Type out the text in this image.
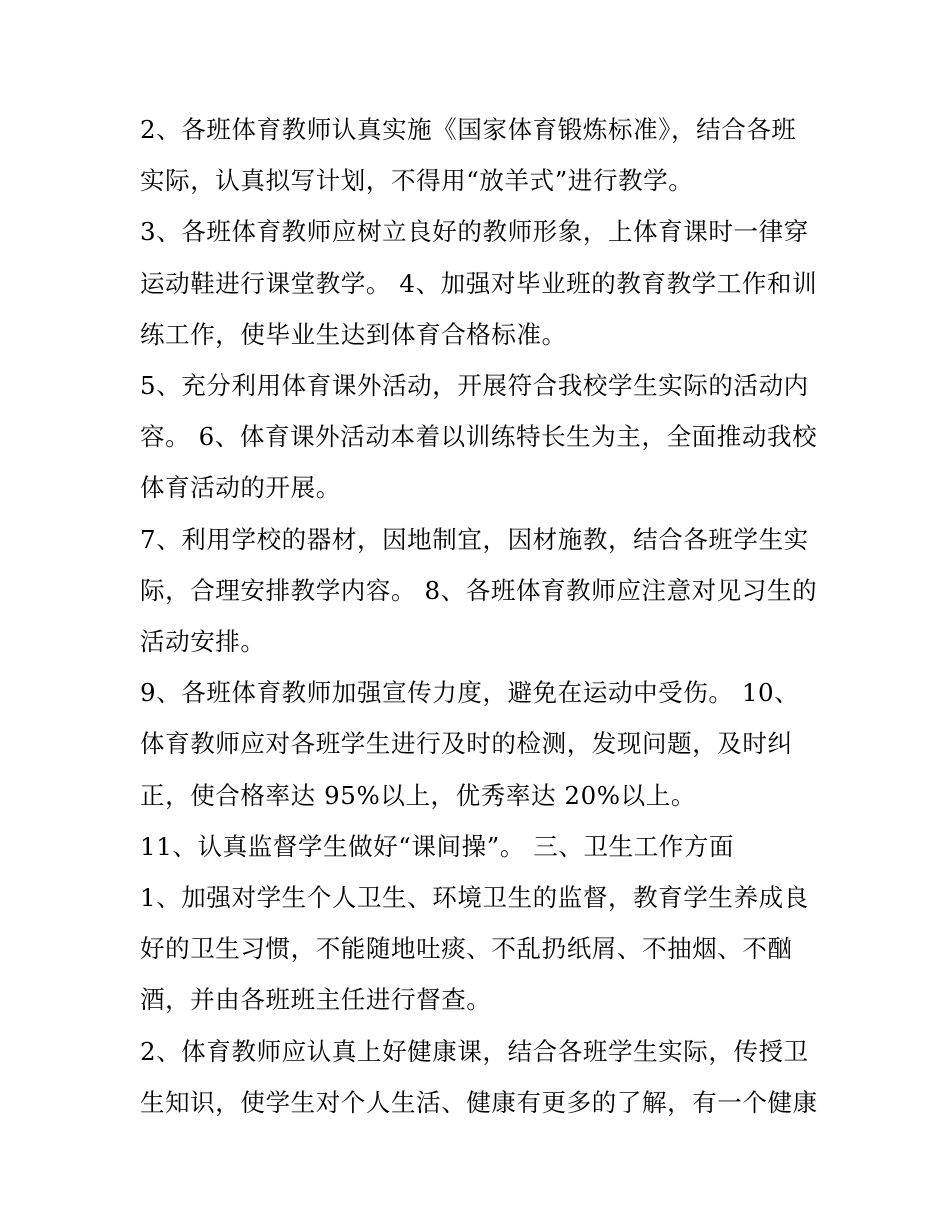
2、各班体育教师认真实施《国家体育锻炼标准》，结合各班实际，认真拟写计划，不得用“放羊式”进行教学。

3、各班体育教师应树立良好的教师形象，上体育课时一律穿运动鞋进行课堂教学。 4、加强对毕业班的教育教学工作和训练工作，使毕业生达到体育合格标准。

5、充分利用体育课外活动，开展符合我校学生实际的活动内容。 6、体育课外活动本着以训练特长生为主，全面推动我校体育活动的开展。

7、利用学校的器材，因地制宜，因材施教，结合各班学生实际，合理安排教学内容。 8、各班体育教师应注意对见习生的活动安排。

9、各班体育教师加强宣传力度，避免在运动中受伤。 10、体育教师应对各班学生进行及时的检测，发现问题，及时纠正，使合格率达 95%以上，优秀率达 20%以上。

11、认真监督学生做好“课间操”。 三、卫生工作方面

1、加强对学生个人卫生、环境卫生的监督，教育学生养成良好的卫生习惯，不能随地吐痰、不乱扔纸屑、不抽烟、不酗酒，并由各班班主任进行督查。

2、体育教师应认真上好健康课，结合各班学生实际，传授卫生知识，使学生对个人生活、健康有更多的了解，有一个健康
